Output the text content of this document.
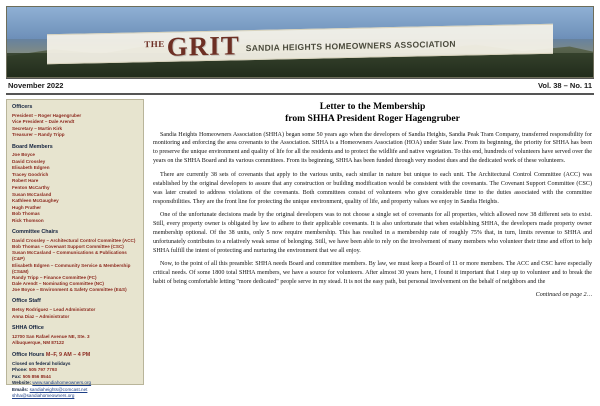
THE GRIT SANDIA HEIGHTS HOMEOWNERS ASSOCIATION
November 2022	Vol. 38 – No. 11
Officers
President – Roger Hagengruber
Vice President – Dale Arendt
Secretary – Martin Kirk
Treasurer – Randy Tripp
Board Members
Joe Boyce
David Crossley
Elisabeth Edgren
Tracey Goodrich
Robert Hare
Fenton McCarthy
Susan McCasland
Kathleen McGaughey
Hugh Prather
Bob Thomas
Rick Thomson
Committee Chairs
David Crossley – Architectural Control Committee (ACC)
Bob Thomas – Covenant Support Committee (CSC)
Susan McCasland – Communications & Publications (C&P)
Elisabeth Edgren – Community Service & Membership (CS&M)
Randy Tripp – Finance Committee (FC)
Dale Arendt – Nominating Committee (NC)
Joe Boyce – Environment & Safety Committee (E&S)
Office Staff
Betsy Rodriguez – Lead Administrator
Anna Diaz – Administrator
SHHA Office
12700 San Rafael Avenue NE, Ste. 3
Albuquerque, NM 87122
Office Hours M–F, 9 AM – 4 PM
Closed on federal holidays
Phone: 505 797 7793
Fax: 505 856 8544
Website: www.sandiahomeowners.org
Emails: sandiaheights@comcast.net
shha@sandiahomeowners.org
Letter to the Membership
from SHHA President Roger Hagengruber

Sandia Heights Homeowners Association (SHHA) began some 50 years ago when the developers of Sandia Heights, Sandia Peak Tram Company, transferred responsibility for monitoring and enforcing the area covenants to the Association. SHHA is a Homeowners Association (HOA) under State law. From its beginning, the priority for SHHA has been to preserve the unique environment and quality of life for all the residents and to protect the wildlife and native vegetation. To this end, hundreds of volunteers have served over the years on the SHHA Board and its various committees. From its beginning, SHHA has been funded through very modest dues and the dedicated work of these volunteers.

There are currently 38 sets of covenants that apply to the various units, each similar in nature but unique to each unit. The Architectural Control Committee (ACC) was established by the original developers to assure that any construction or building modification would be consistent with the covenants. The Covenant Support Committee (CSC) was later created to address violations of the covenants. Both committees consist of volunteers who give considerable time to the duties associated with the committee responsibilities. They are the front line for protecting the unique environment, quality of life, and property values we enjoy in Sandia Heights.

One of the unfortunate decisions made by the original developers was to not choose a single set of covenants for all properties, which allowed now 38 different sets to exist. Still, every property owner is obligated by law to adhere to their applicable covenants. It is also unfortunate that when establishing SHHA, the developers made property owner membership optional. Of the 38 units, only 5 now require membership. This has resulted in a membership rate of roughly 75% that, in turn, limits revenue to SHHA and unfortunately contributes to a relatively weak sense of belonging. Still, we have been able to rely on the involvement of many members who volunteer their time and effort to help SHHA fulfill the intent of protecting and nurturing the environment that we all enjoy.

Now, to the point of all this preamble: SHHA needs Board and committee members. By law, we must keep a Board of 11 or more members. The ACC and CSC have especially critical needs. Of some 1800 total SHHA members, we have a source for volunteers. After almost 30 years here, I found it important that I step up to volunteer and to break the habit of being comfortable letting "more dedicated" people serve in my stead. It is not the easy path, but personal involvement on the behalf of neighbors and the

Continued on page 2…
